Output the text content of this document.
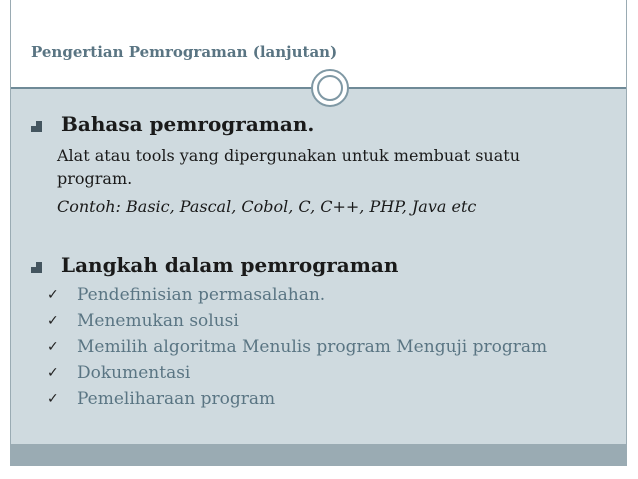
Pengertian Pemrograman (lanjutan)
Bahasa pemrograman.
Alat atau tools yang dipergunakan untuk membuat suatu
program.
Contoh: Basic, Pascal, Cobol, C, C++, PHP, Java etc
Langkah dalam pemrograman
✓	Pendefinisian permasalahan.
✓	Menemukan solusi
✓	Memilih algoritma Menulis program Menguji program
✓	Dokumentasi
✓	Pemeliharaan program
